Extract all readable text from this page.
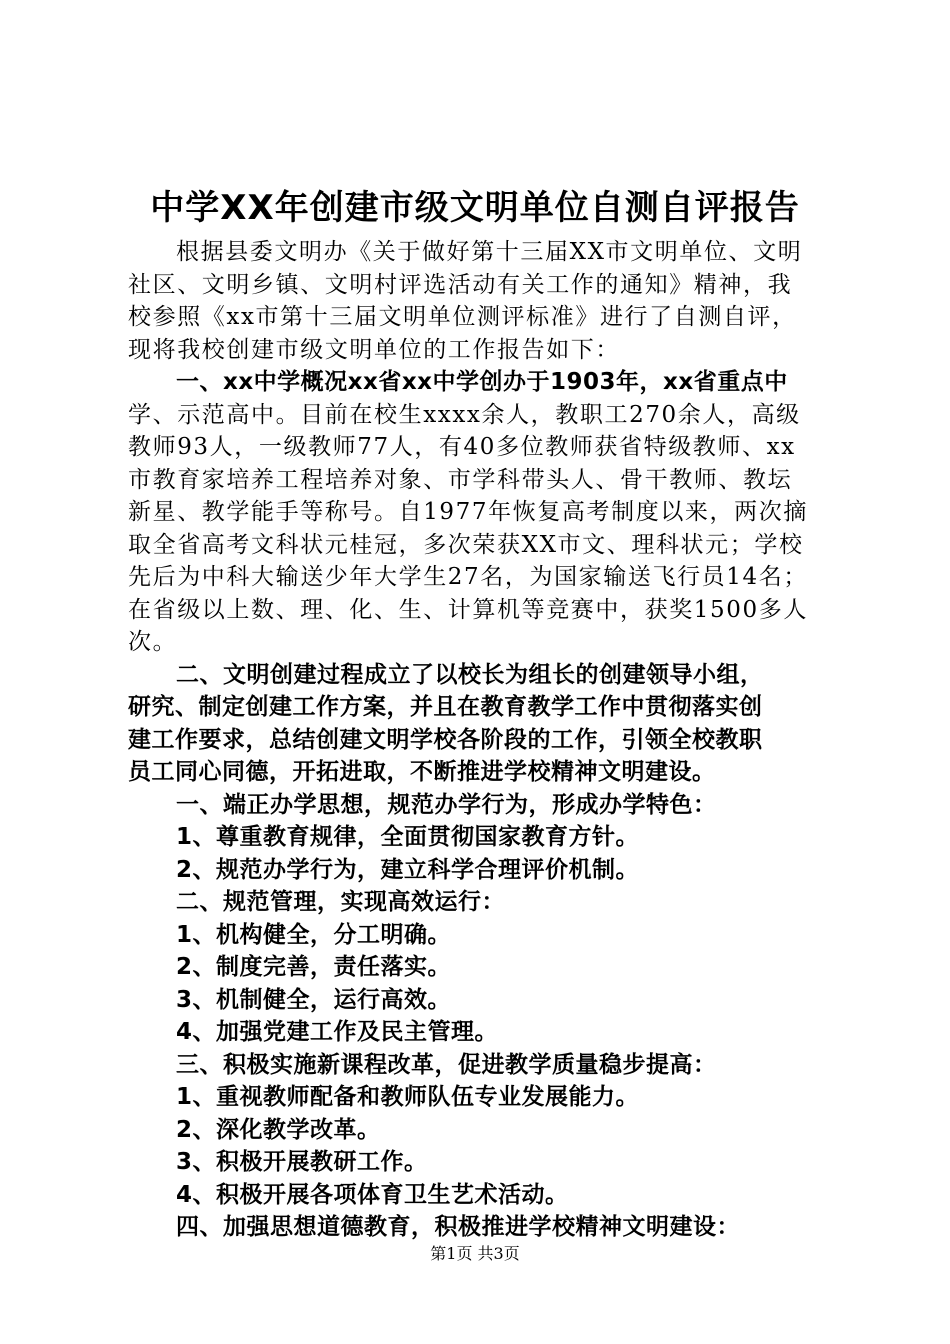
中学XX年创建市级文明单位自测自评报告
根据县委文明办《关于做好第十三届XX市文明单位、文明
社区、文明乡镇、文明村评选活动有关工作的通知》精神，我
校参照《xx市第十三届文明单位测评标准》进行了自测自评，
现将我校创建市级文明单位的工作报告如下：
一、xx中学概况xx省xx中学创办于1903年，xx省重点中
学、示范高中。目前在校生xxxx余人，教职工270余人，高级
教师93人，一级教师77人，有40多位教师获省特级教师、xx
市教育家培养工程培养对象、市学科带头人、骨干教师、教坛
新星、教学能手等称号。自1977年恢复高考制度以来，两次摘
取全省高考文科状元桂冠，多次荣获XX市文、理科状元；学校
先后为中科大输送少年大学生27名，为国家输送飞行员14名；
在省级以上数、理、化、生、计算机等竞赛中，获奖1500多人
次。
二、文明创建过程成立了以校长为组长的创建领导小组，
研究、制定创建工作方案，并且在教育教学工作中贯彻落实创
建工作要求，总结创建文明学校各阶段的工作，引领全校教职
员工同心同德，开拓进取，不断推进学校精神文明建设。
一、端正办学思想，规范办学行为，形成办学特色：
1、尊重教育规律，全面贯彻国家教育方针。
2、规范办学行为，建立科学合理评价机制。
二、规范管理，实现高效运行：
1、机构健全，分工明确。
2、制度完善，责任落实。
3、机制健全，运行高效。
4、加强党建工作及民主管理。
三、积极实施新课程改革，促进教学质量稳步提高：
1、重视教师配备和教师队伍专业发展能力。
2、深化教学改革。
3、积极开展教研工作。
4、积极开展各项体育卫生艺术活动。
四、加强思想道德教育，积极推进学校精神文明建设：
第1页 共3页
